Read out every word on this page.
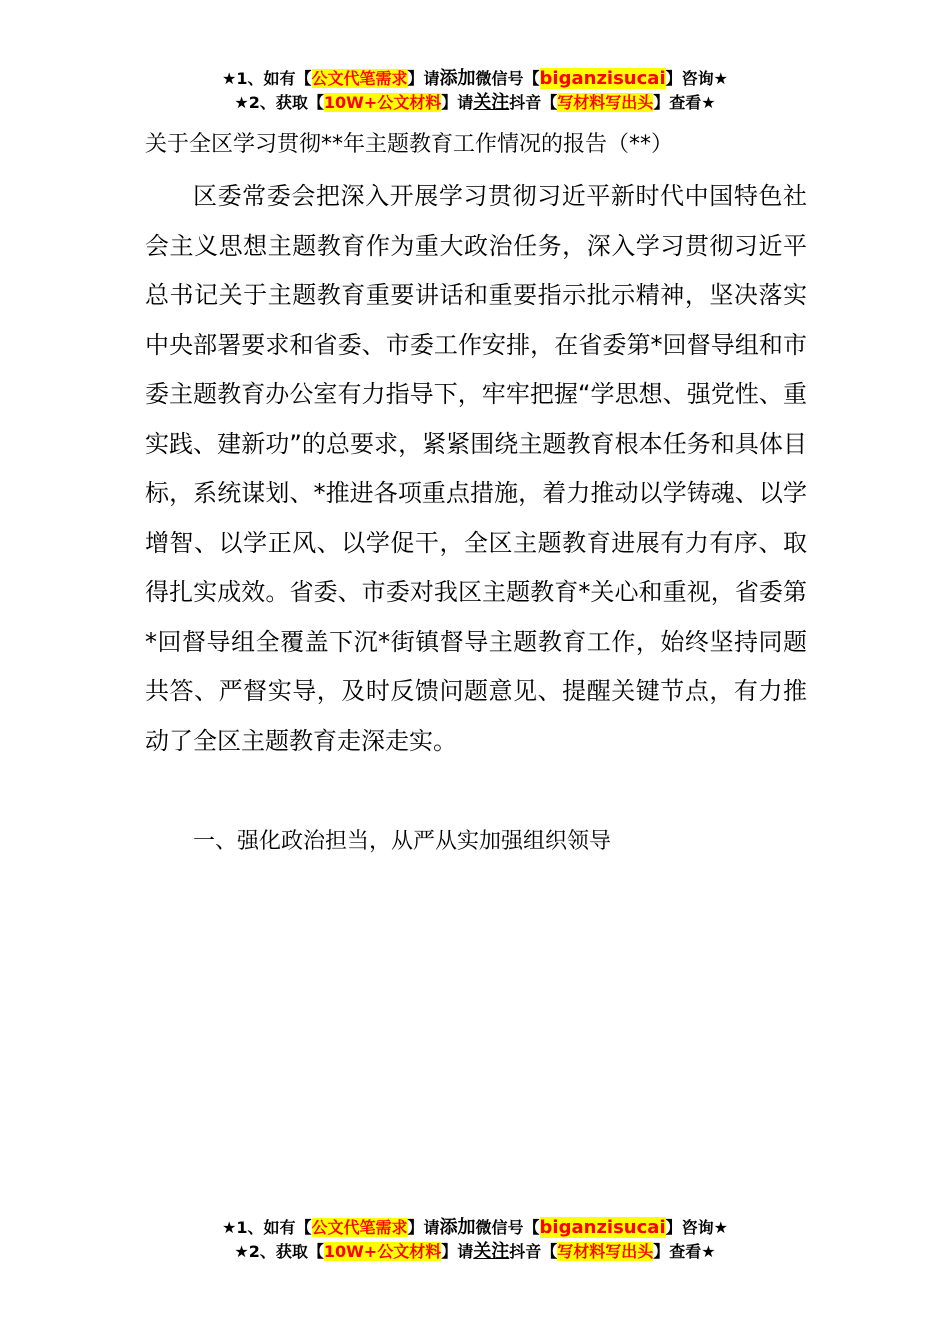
★1、如有【公文代笔需求】请添加微信号【biganzisucai】咨询★
★2、获取【10W+公文材料】请关注抖音【写材料写出头】查看★
关于全区学习贯彻**年主题教育工作情况的报告（**）

区委常委会把深入开展学习贯彻习近平新时代中国特色社会主义思想主题教育作为重大政治任务，深入学习贯彻习近平总书记关于主题教育重要讲话和重要指示批示精神，坚决落实中央部署要求和省委、市委工作安排，在省委第*回督导组和市委主题教育办公室有力指导下，牢牢把握“学思想、强党性、重实践、建新功”的总要求，紧紧围绕主题教育根本任务和具体目标，系统谋划、*推进各项重点措施，着力推动以学铸魂、以学增智、以学正风、以学促干，全区主题教育进展有力有序、取得扎实成效。省委、市委对我区主题教育*关心和重视，省委第*回督导组全覆盖下沉*街镇督导主题教育工作，始终坚持同题共答、严督实导，及时反馈问题意见、提醒关键节点，有力推动了全区主题教育走深走实。

一、强化政治担当，从严从实加强组织领导
★1、如有【公文代笔需求】请添加微信号【biganzisucai】咨询★
★2、获取【10W+公文材料】请关注抖音【写材料写出头】查看★
